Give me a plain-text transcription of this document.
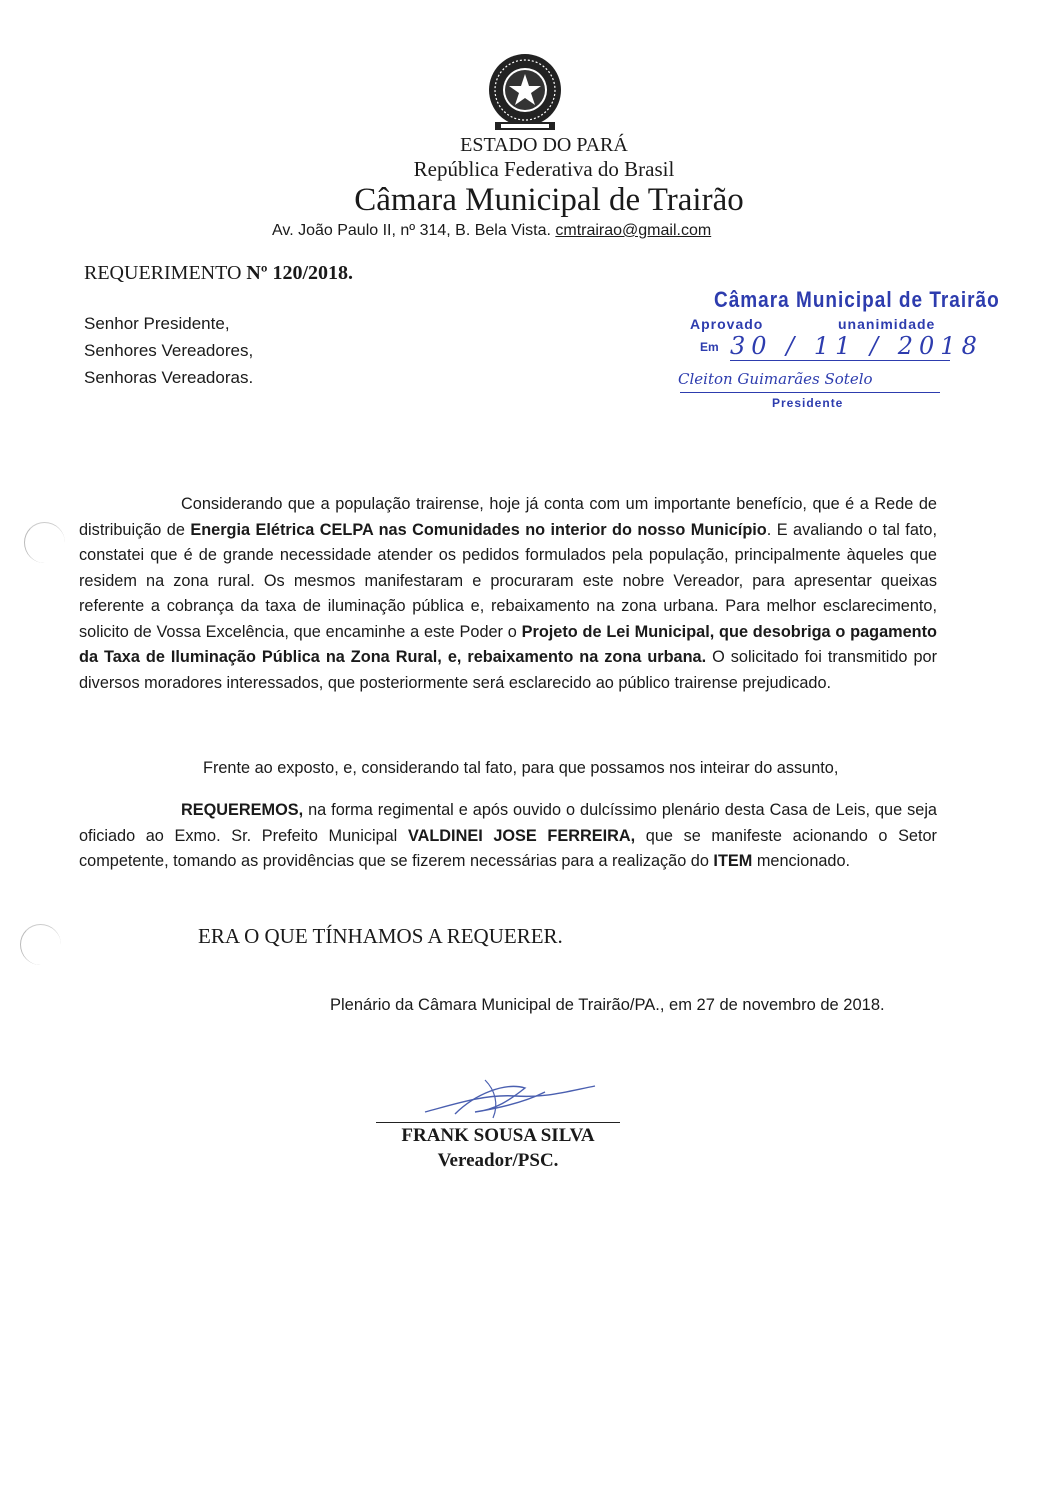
ESTADO DO PARÁ
República Federativa do Brasil
Câmara Municipal de Trairão
Av. João Paulo II, nº 314, B. Bela Vista. cmtrairao@gmail.com
REQUERIMENTO Nº 120/2018.
Senhor Presidente,
Senhores Vereadores,
Senhoras Vereadoras.
Câmara Municipal de Trairão
Aprovado	unanimidade
Em 30 / 11 / 2018
Cleiton Guimarães Sotelo
Presidente
Considerando que a população trairense, hoje já conta com um importante benefício, que é a Rede de distribuição de Energia Elétrica CELPA nas Comunidades no interior do nosso Município. E avaliando o tal fato, constatei que é de grande necessidade atender os pedidos formulados pela população, principalmente àqueles que residem na zona rural. Os mesmos manifestaram e procuraram este nobre Vereador, para apresentar queixas referente a cobrança da taxa de iluminação pública e, rebaixamento na zona urbana. Para melhor esclarecimento, solicito de Vossa Excelência, que encaminhe a este Poder o Projeto de Lei Municipal, que desobriga o pagamento da Taxa de Iluminação Pública na Zona Rural, e, rebaixamento na zona urbana. O solicitado foi transmitido por diversos moradores interessados, que posteriormente será esclarecido ao público trairense prejudicado.
Frente ao exposto, e, considerando tal fato, para que possamos nos inteirar do assunto,
REQUEREMOS, na forma regimental e após ouvido o dulcíssimo plenário desta Casa de Leis, que seja oficiado ao Exmo. Sr. Prefeito Municipal VALDINEI JOSE FERREIRA, que se manifeste acionando o Setor competente, tomando as providências que se fizerem necessárias para a realização do ITEM mencionado.
ERA O QUE TÍNHAMOS A REQUERER.
Plenário da Câmara Municipal de Trairão/PA., em 27 de novembro de 2018.
FRANK SOUSA SILVA
Vereador/PSC.
